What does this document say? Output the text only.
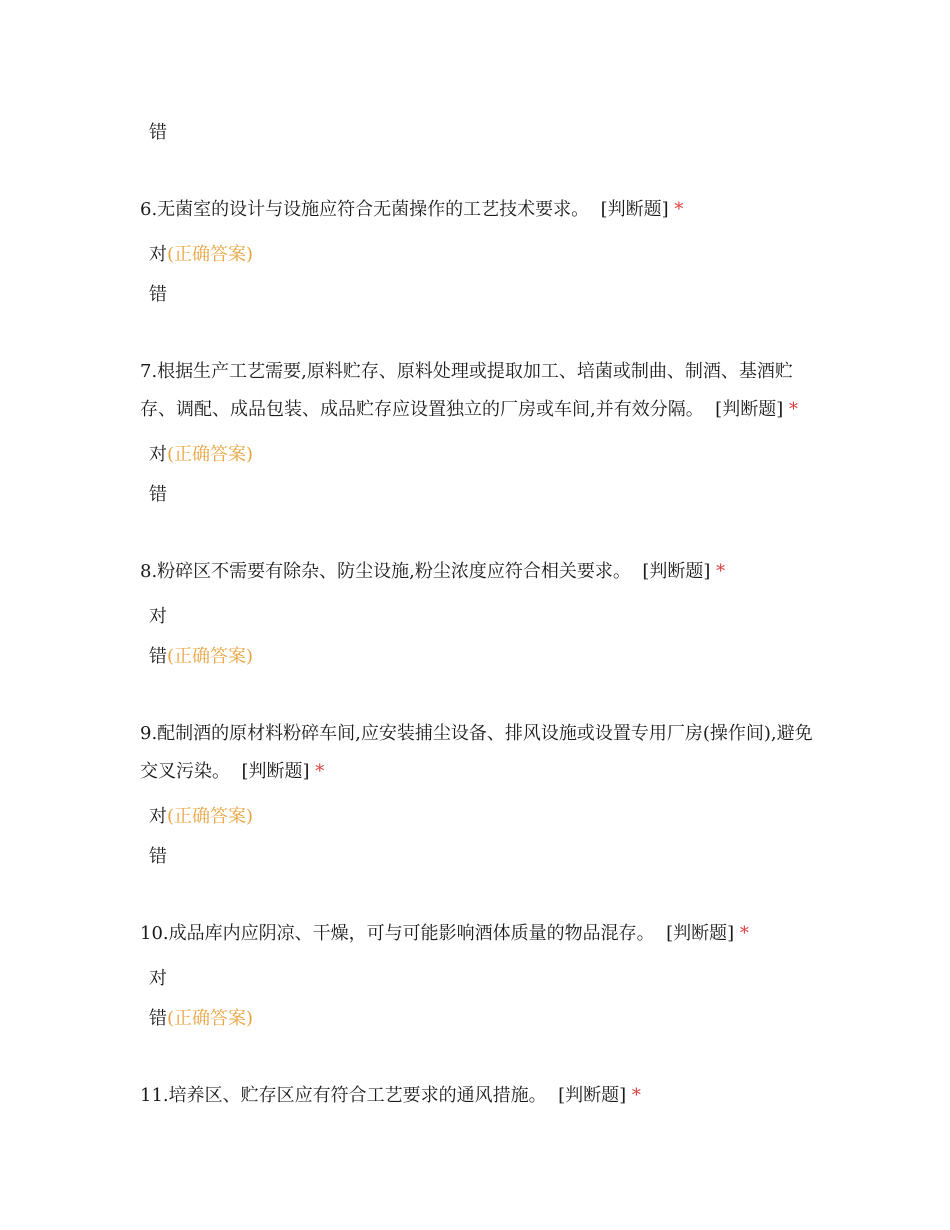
错
6.无菌室的设计与设施应符合无菌操作的工艺技术要求。 [判断题] *
对(正确答案)
错
7.根据生产工艺需要,原料贮存、原料处理或提取加工、培菌或制曲、制酒、基酒贮存、调配、成品包装、成品贮存应设置独立的厂房或车间,并有效分隔。 [判断题] *
对(正确答案)
错
8.粉碎区不需要有除杂、防尘设施,粉尘浓度应符合相关要求。 [判断题] *
对
错(正确答案)
9.配制酒的原材料粉碎车间,应安装捕尘设备、排风设施或设置专用厂房(操作间),避免交叉污染。 [判断题] *
对(正确答案)
错
10.成品库内应阴凉、干燥，可与可能影响酒体质量的物品混存。 [判断题] *
对
错(正确答案)
11.培养区、贮存区应有符合工艺要求的通风措施。 [判断题] *
